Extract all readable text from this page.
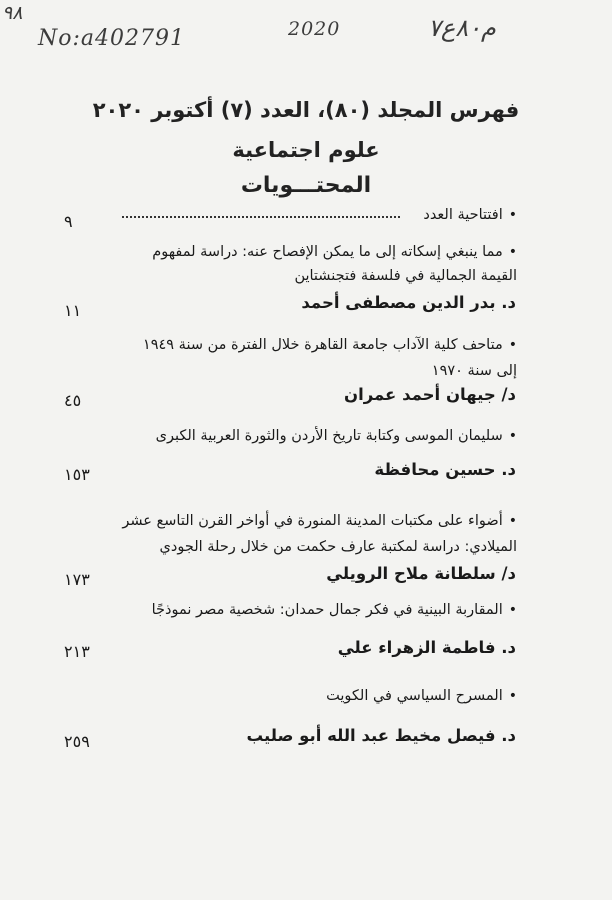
٩٨
No:a402791	2020	م٨٠ع٧
فهرس المجلد (٨٠)، العدد (٧) أكتوبر ٢٠٢٠
علوم اجتماعية
المحتـــويات
•افتتاحية العدد
٩
•مما ينبغي إسكاته إلى ما يمكن الإفصاح عنه: دراسة لمفهوم
القيمة الجمالية في فلسفة فتجنشتاين
د. بدر الدين مصطفى أحمد
١١
•متاحف كلية الآداب جامعة القاهرة خلال الفترة من سنة ١٩٤٩
إلى سنة ١٩٧٠
د/ جيهان أحمد عمران
٤٥
•سليمان الموسى وكتابة تاريخ الأردن والثورة العربية الكبرى
د. حسين محافظة
١٥٣
•أضواء على مكتبات المدينة المنورة في أواخر القرن التاسع عشر
الميلادي: دراسة لمكتبة عارف حكمت من خلال رحلة الجودي
د/ سلطانة ملاح الرويلي
١٧٣
•المقاربة البينية في فكر جمال حمدان: شخصية مصر نموذجًا
د. فاطمة الزهراء علي
٢١٣
•المسرح السياسي في الكويت
د. فيصل مخيط عبد الله أبو صليب
٢٥٩
